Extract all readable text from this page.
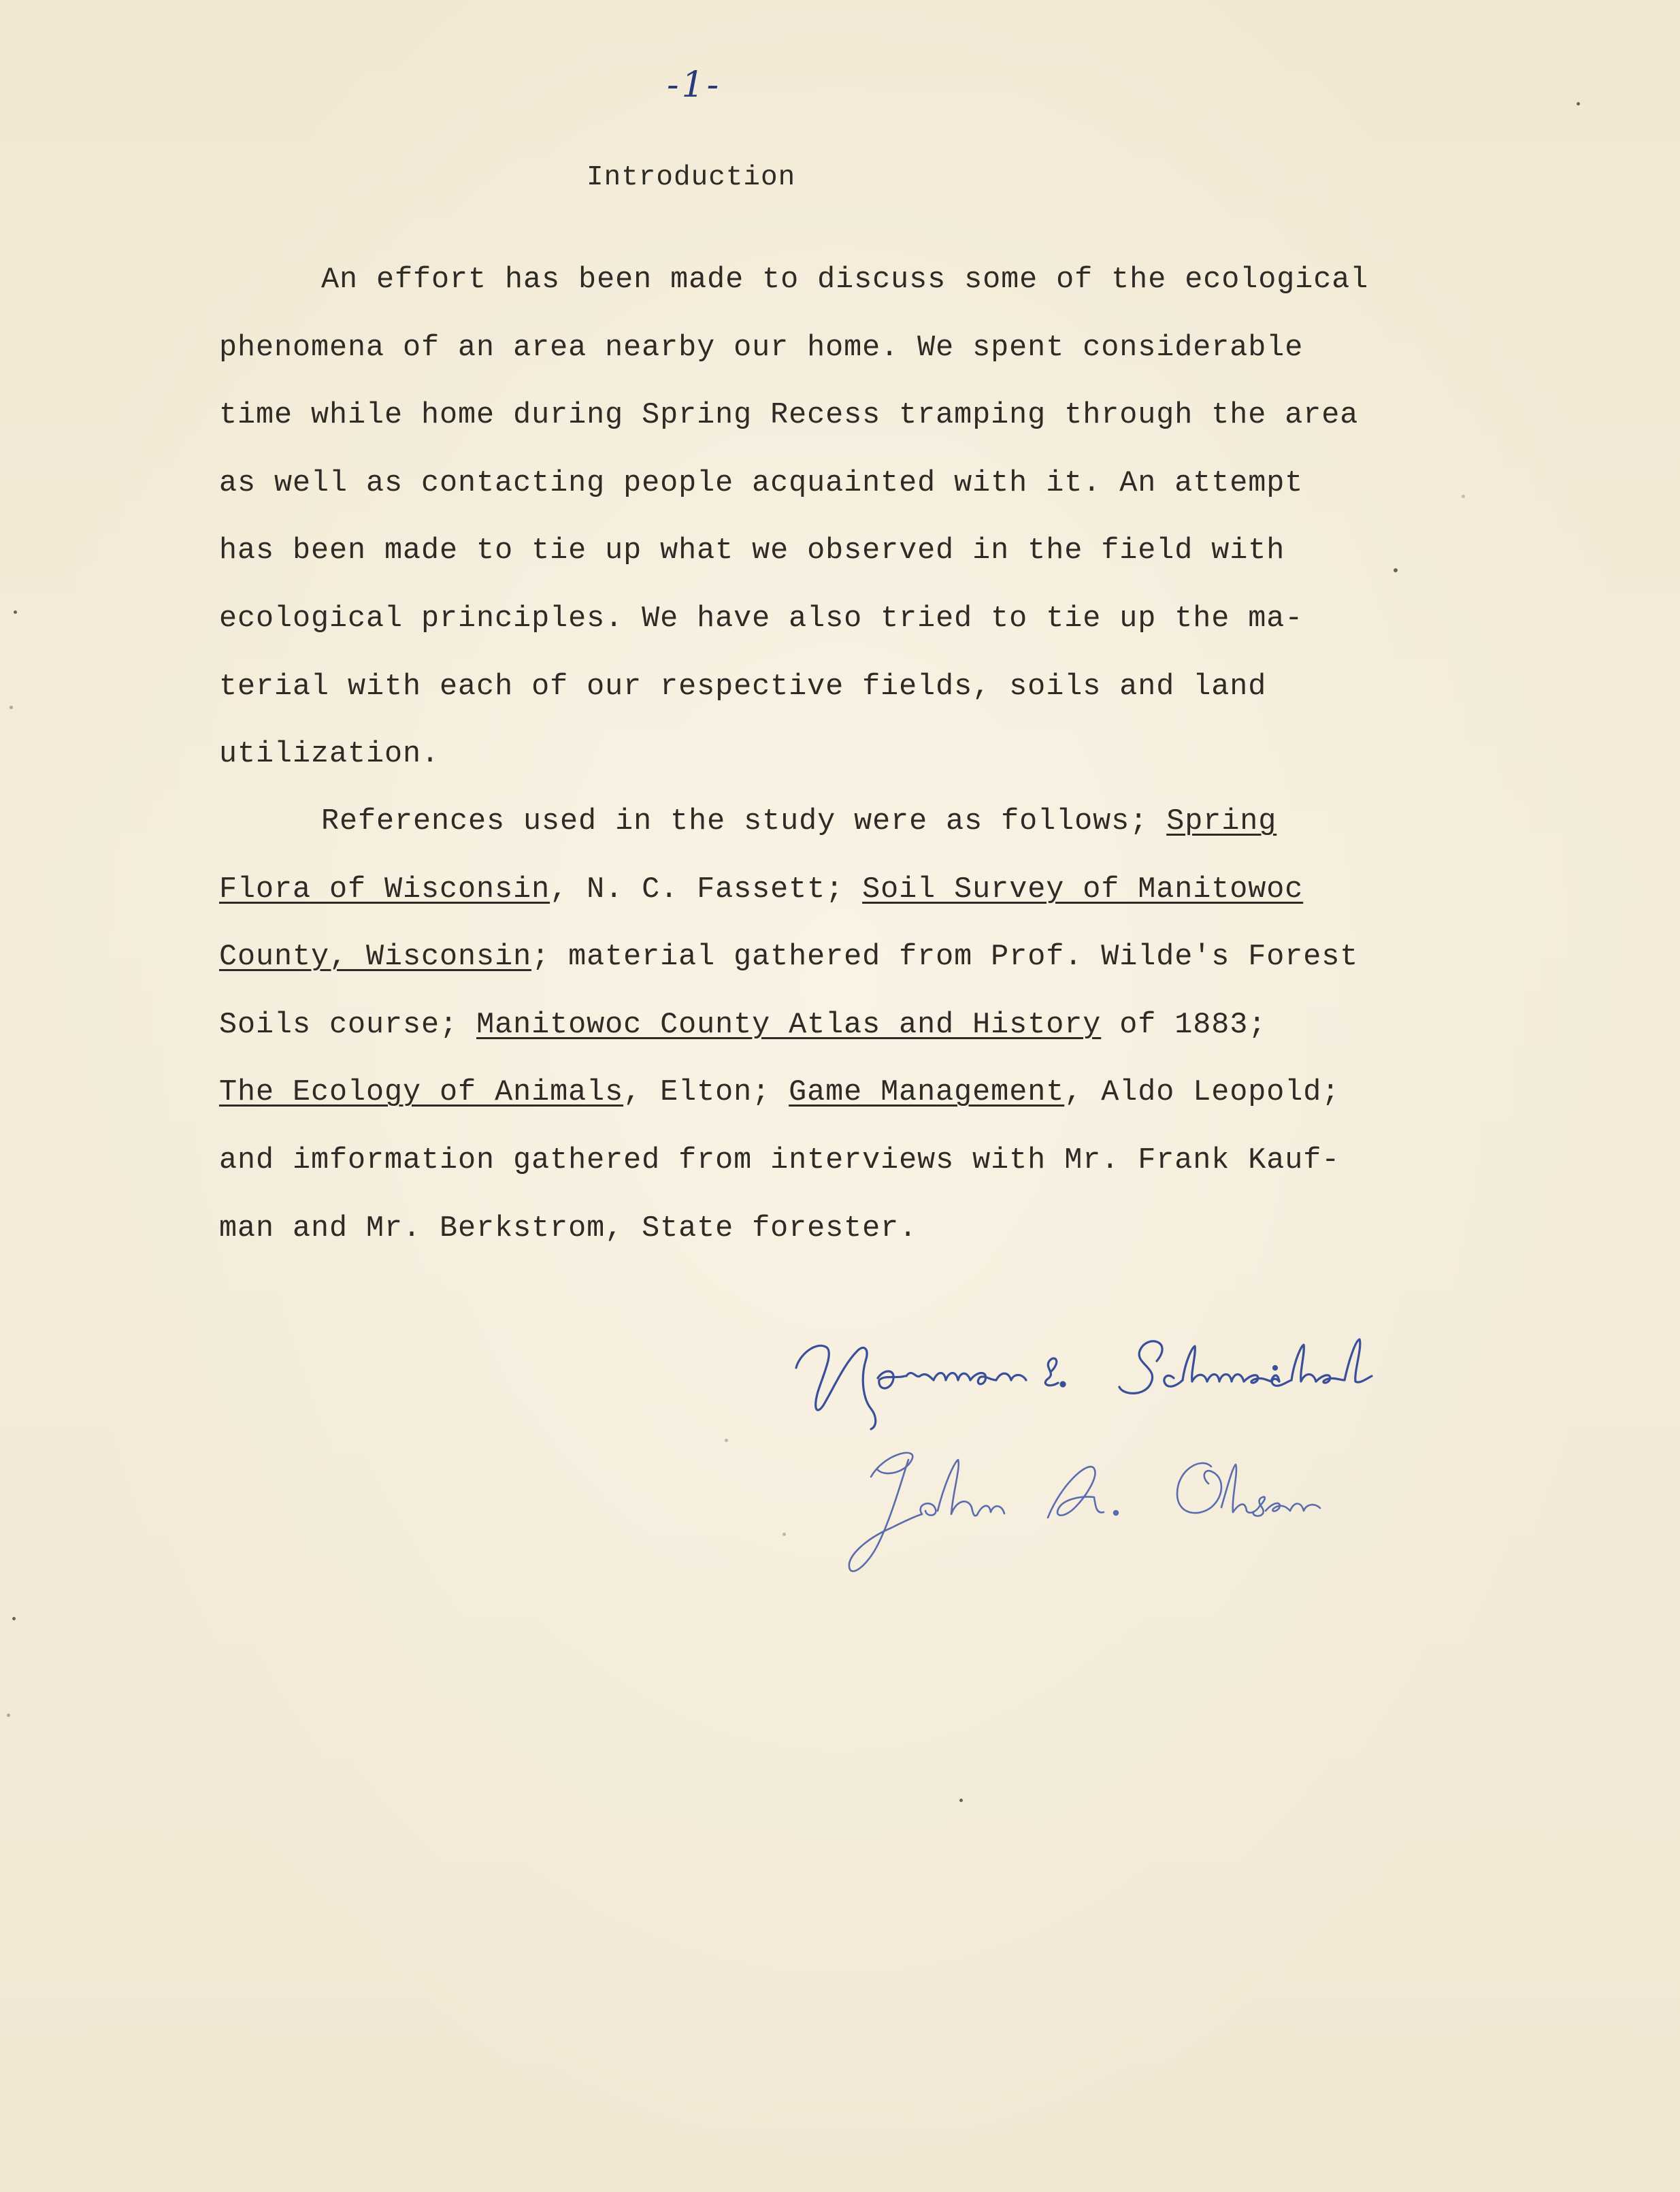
-1-
Introduction
An effort has been made to discuss some of the ecological
phenomena of an area nearby our home. We spent considerable
time while home during Spring Recess tramping through the area
as well as contacting people acquainted with it. An attempt
has been made to tie up what we observed in the field with
ecological principles. We have also tried to tie up the ma-
terial with each of our respective fields, soils and land
utilization.
References used in the study were as follows; Spring
Flora of Wisconsin, N. C. Fassett; Soil Survey of Manitowoc
County, Wisconsin; material gathered from Prof. Wilde's Forest
Soils course; Manitowoc County Atlas and History of 1883;
The Ecology of Animals, Elton; Game Management, Aldo Leopold;
and imformation gathered from interviews with Mr. Frank Kauf-
man and Mr. Berkstrom, State forester.
